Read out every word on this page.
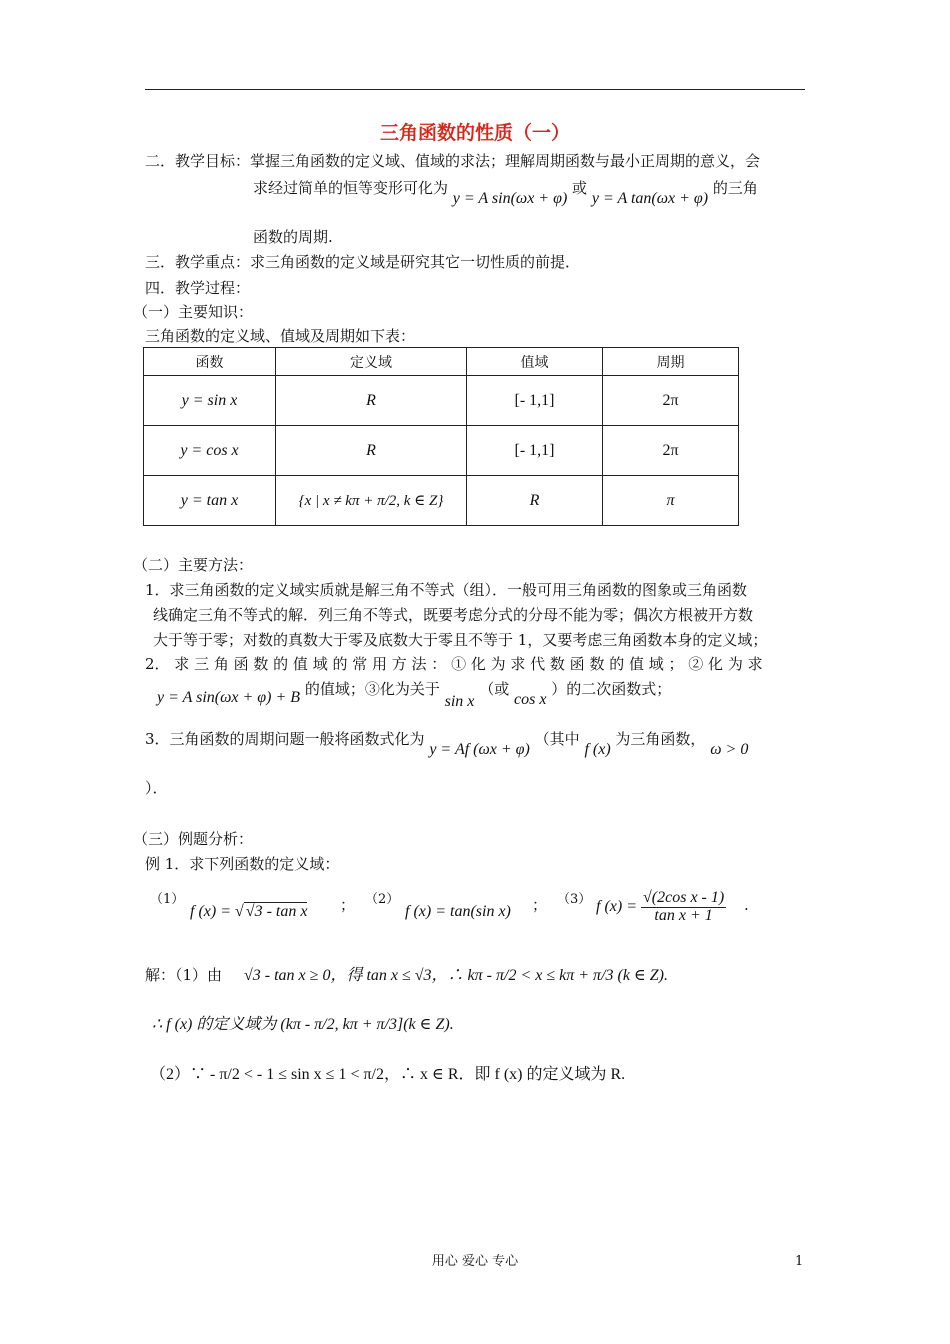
三角函数的性质（一）
二．教学目标：掌握三角函数的定义域、值域的求法；理解周期函数与最小正周期的意义，会
求经过简单的恒等变形可化为 y = A sin(ωx + φ) 或 y = A tan(ωx + φ) 的三角
函数的周期.
三．教学重点：求三角函数的定义域是研究其它一切性质的前提．
四．教学过程：
（一）主要知识：
三角函数的定义域、值域及周期如下表：
函数	定义域	值域	周期
y = sin x	R	[- 1,1]	2π
y = cos x	R	[- 1,1]	2π
y = tan x	{x | x ≠ kπ + π/2, k ∈ Z}	R	π
（二）主要方法：
1．求三角函数的定义域实质就是解三角不等式（组）．一般可用三角函数的图象或三角函数
线确定三角不等式的解．列三角不等式，既要考虑分式的分母不能为零；偶次方根被开方数
大于等于零；对数的真数大于零及底数大于零且不等于 1，又要考虑三角函数本身的定义域；
2． 求 三 角 函 数 的 值 域 的 常 用 方 法 ： ① 化 为 求 代 数 函 数 的 值 域 ； ② 化 为 求
y = A sin(ωx + φ) + B 的值域；③化为关于 sin x （或 cos x ）的二次函数式；
3．三角函数的周期问题一般将函数式化为 y = Af (ωx + φ) （其中 f (x) 为三角函数， ω > 0
）．
（三）例题分析：
例 1．求下列函数的定义域：
（1）
f (x) = √ √3 - tan x ； （2）
f (x) = tan(sin x) ； （3） f $(x) = \frac{\text{√(2cos x - 1)}}{\text{tan x + 1}}$ .
解：（1）由 √3 - tan x ≥ 0，得 tan x ≤ √3，∴ kπ - π/2 < x ≤ kπ + π/3 (k ∈ Z).
∴ f (x) 的定义域为 (kπ - π/2, kπ + π/3](k ∈ Z).
（2）∵ - π/2 < - 1 ≤ sin x ≤ 1 < π/2，∴ x ∈ R．即 f (x) 的定义域为 R.
用心 爱心 专心	1
